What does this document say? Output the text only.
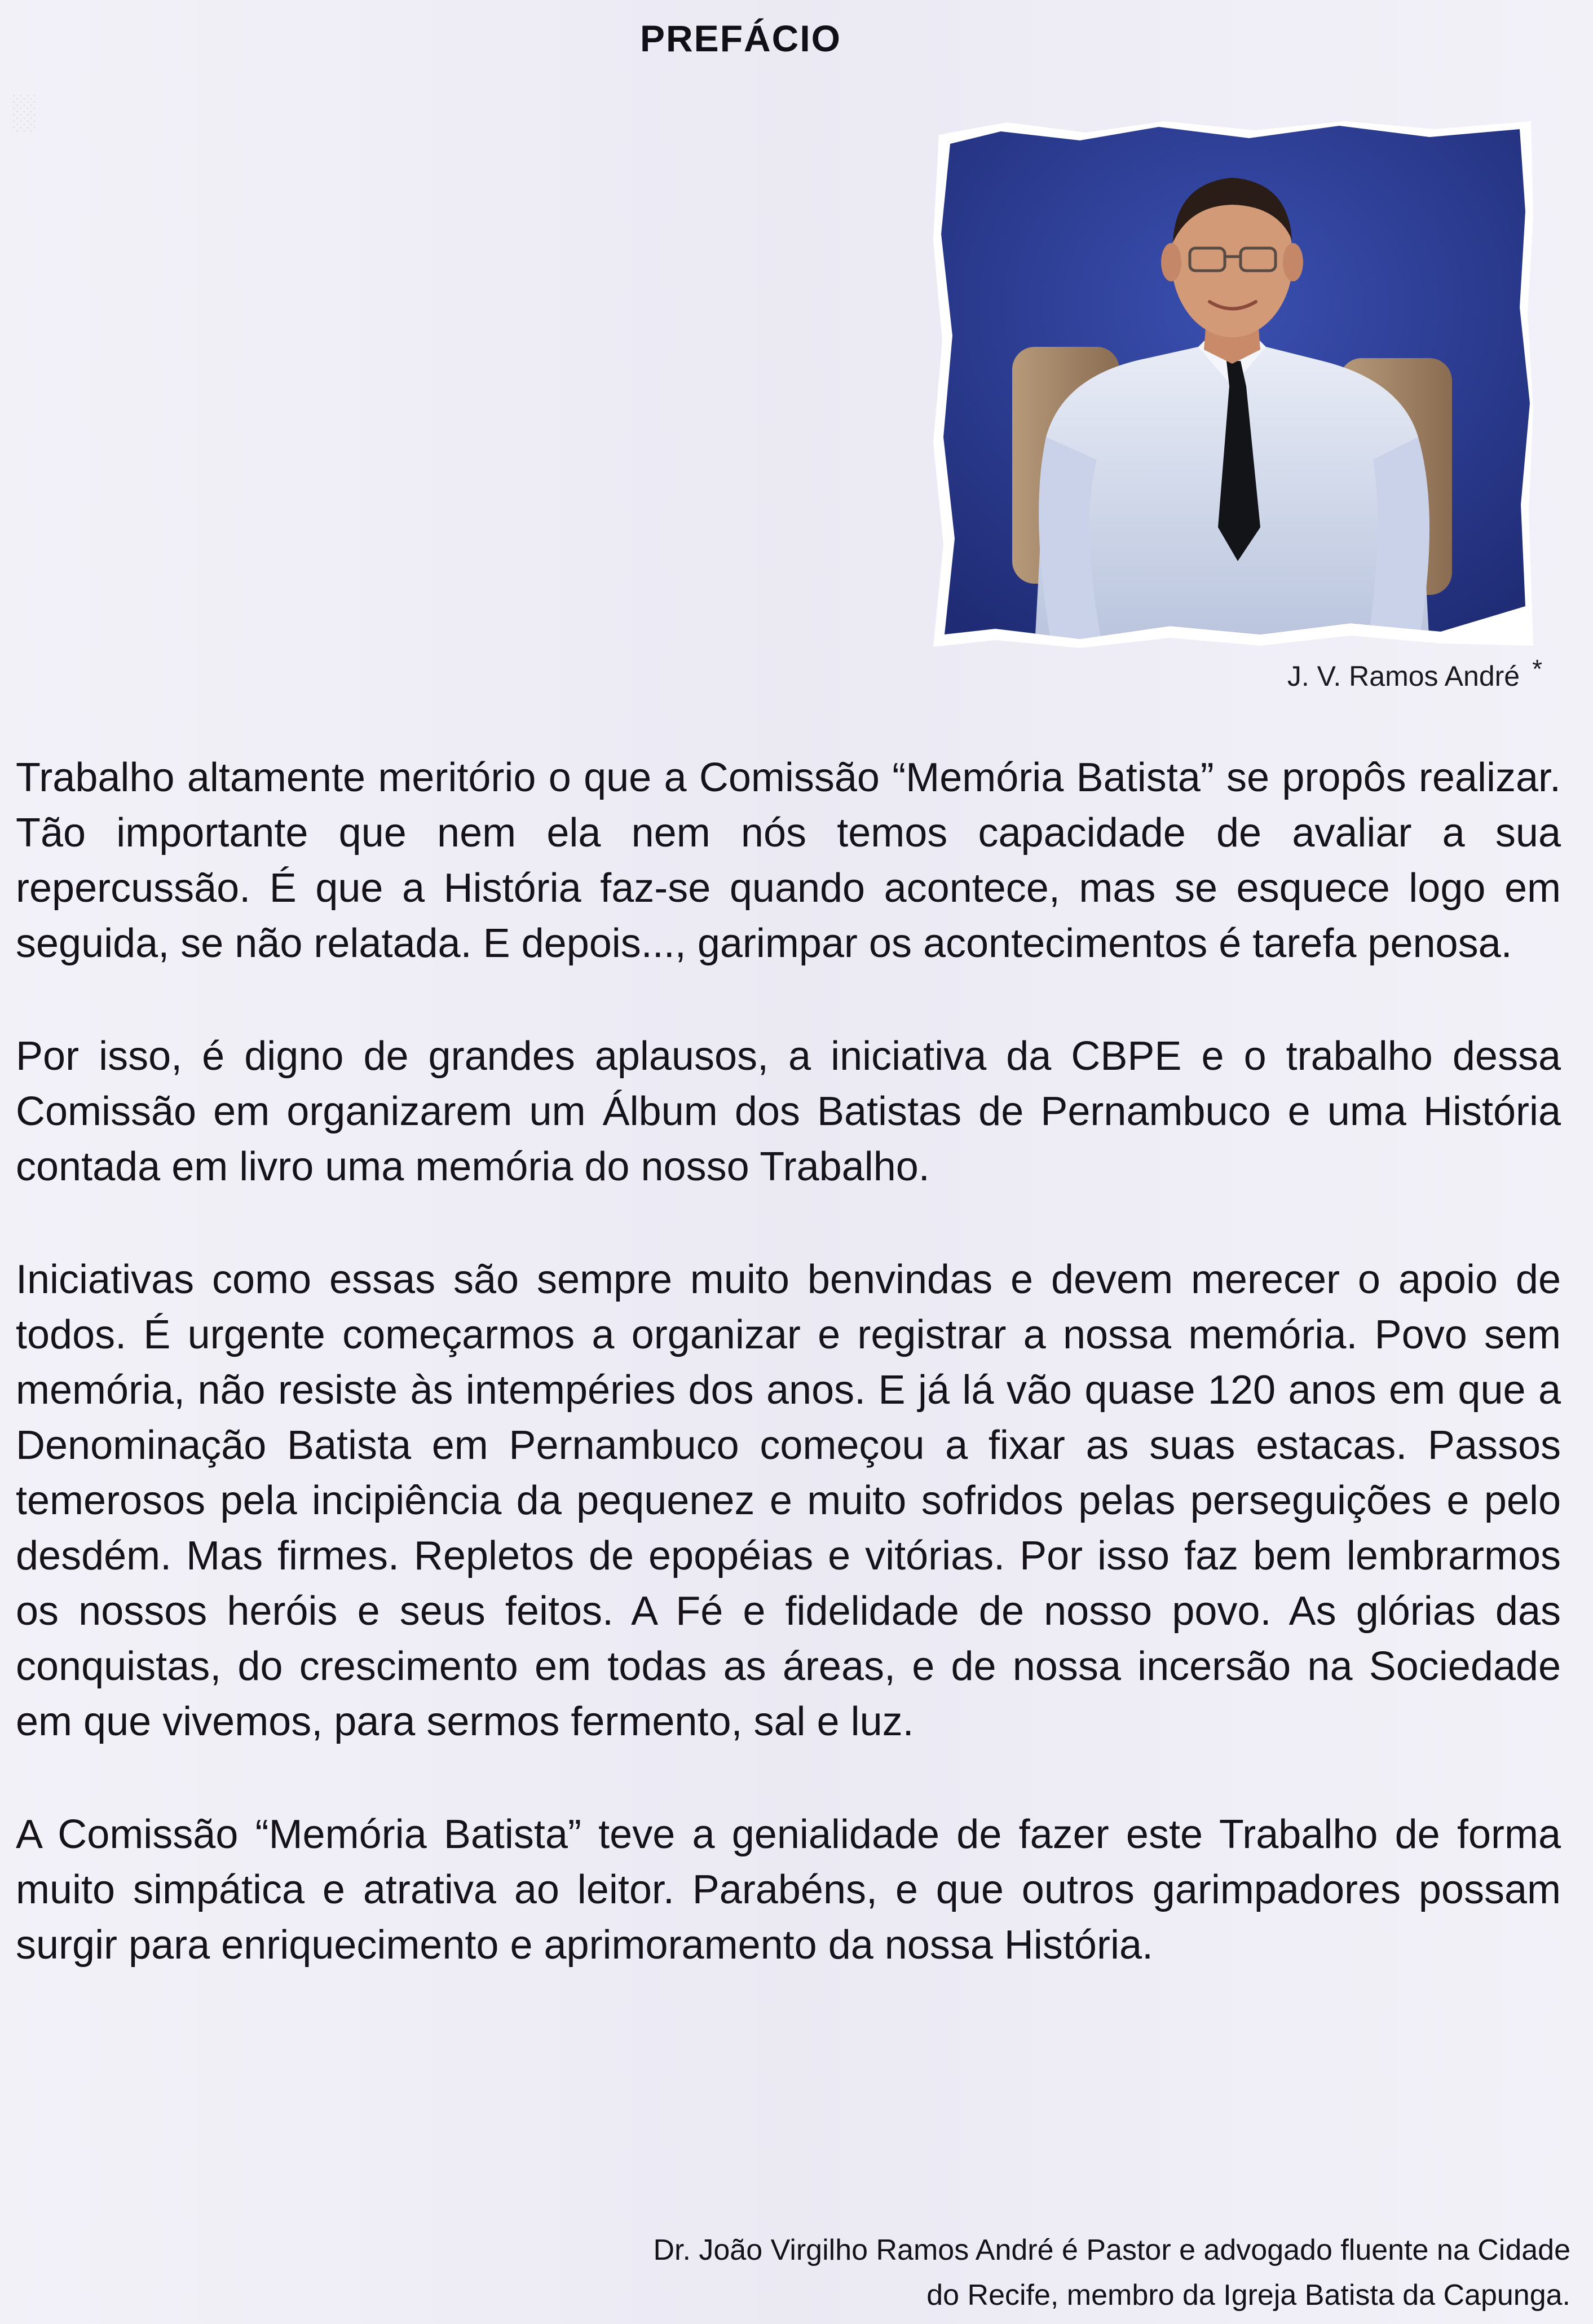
░
PREFÁCIO
J. V. Ramos André *

Trabalho altamente meritório o que a Comissão “Memória Batista” se propôs realizar. Tão importante que nem ela nem nós temos capacidade de avaliar a sua repercussão. É que a História faz-se quando acontece, mas se esquece logo em seguida, se não relatada. E depois..., garimpar os acontecimentos é tarefa penosa.

Por isso, é digno de grandes aplausos, a iniciativa da CBPE e o trabalho dessa Comissão em organizarem um Álbum dos Batistas de Pernambuco e uma História contada em livro uma memória do nosso Trabalho.

Iniciativas como essas são sempre muito benvindas e devem merecer o apoio de todos. É urgente começarmos a organizar e registrar a nossa memória. Povo sem memória, não resiste às intempéries dos anos. E já lá vão quase 120 anos em que a Denominação Batista em Pernambuco começou a fixar as suas estacas. Passos temerosos pela incipiência da pequenez e muito sofridos pelas perseguições e pelo desdém. Mas firmes. Repletos de epopéias e vitórias. Por isso faz bem lembrarmos os nossos heróis e seus feitos. A Fé e fidelidade de nosso povo. As glórias das conquistas, do crescimento em todas as áreas, e de nossa incersão na Sociedade em que vivemos, para sermos fermento, sal e luz.

A Comissão “Memória Batista” teve a genialidade de fazer este Trabalho de forma muito simpática e atrativa ao leitor. Parabéns, e que outros garimpadores possam surgir para enriquecimento e aprimoramento da nossa História.

Dr. João Virgilho Ramos André é Pastor e advogado fluente na Cidade
do Recife, membro da Igreja Batista da Capunga.
